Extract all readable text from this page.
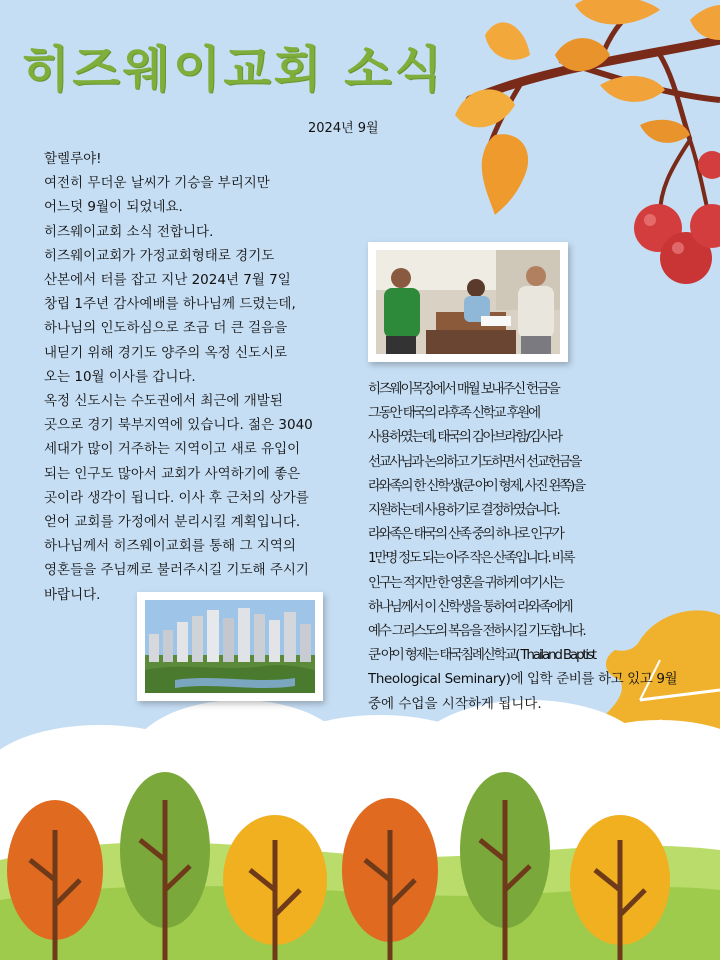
히즈웨이교회 소식
2024년 9월
할렐루야!
여전히 무더운 날씨가 기승을 부리지만
어느덧 9월이 되었네요.
히즈웨이교회 소식 전합니다.
히즈웨이교회가 가정교회형태로 경기도
산본에서 터를 잡고 지난 2024년 7월 7일
창립 1주년 감사예배를 하나님께 드렸는데,
하나님의 인도하심으로 조금 더 큰 걸음을
내딛기 위해 경기도 양주의 옥정 신도시로
오는 10월 이사를 갑니다.
옥정 신도시는 수도권에서 최근에 개발된
곳으로 경기 북부지역에 있습니다. 젊은 3040
세대가 많이 거주하는 지역이고 새로 유입이
되는 인구도 많아서 교회가 사역하기에 좋은
곳이라 생각이 됩니다. 이사 후 근처의 상가를
얻어 교회를 가정에서 분리시킬 계획입니다.
하나님께서 히즈웨이교회를 통해 그 지역의
영혼들을 주님께로 불러주시길 기도해 주시기
바랍니다.
히즈웨이목장에서 매월 보내주신 헌금을
그동안 태국의 라후족 신학교 후원에
사용하였는데, 태국의 김아브라함/김사라
선교사님과 논의하고 기도하면서 선교헌금을
라와족의 한 신학생(쿤 야이 형제, 사진 왼쪽)을
지원하는데 사용하기로 결정하였습니다.
라와족은 태국의 산족 중의 하나로 인구가
1만명 정도 되는 아주 작은 산족입니다. 비록
인구는 적지만 한 영혼을 귀하게 여기시는
하나님께서 이 신학생을 통하여 라와족에게
예수 그리스도의 복음을 전하시길 기도합니다.
쿤 야이 형제는 태국침례신학교( Thailand Baptist
Theological Seminary)에 입학 준비를 하고 있고 9월
중에 수업을 시작하게 됩니다.
